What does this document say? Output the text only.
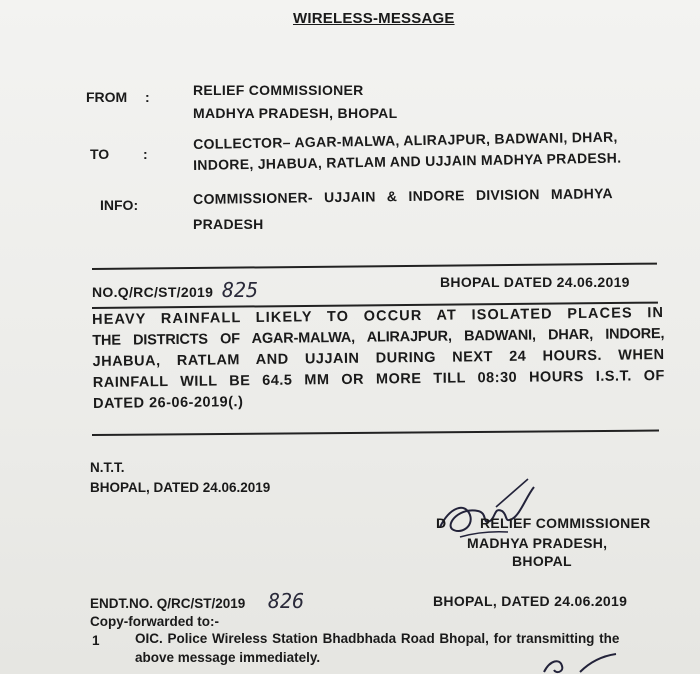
WIRELESS-MESSAGE
FROM :	RELIEF COMMISSIONER
MADHYA PRADESH, BHOPAL
TO :
COLLECTOR– AGAR-MALWA, ALIRAJPUR, BADWANI, DHAR,
INDORE, JHABUA, RATLAM AND UJJAIN MADHYA PRADESH.
INFO:	COMMISSIONER- UJJAIN & INDORE DIVISION MADHYA
PRADESH
NO.Q/RC/ST/2019 825	BHOPAL DATED 24.06.2019
HEAVY RAINFALL LIKELY TO OCCUR AT ISOLATED PLACES IN
THE DISTRICTS OF AGAR-MALWA, ALIRAJPUR, BADWANI, DHAR, INDORE,
JHABUA, RATLAM AND UJJAIN DURING NEXT 24 HOURS. WHEN
RAINFALL WILL BE 64.5 MM OR MORE TILL 08:30 HOURS I.S.T. OF
DATED 26-06-2019(.)
N.T.T.
BHOPAL, DATED 24.06.2019
D RELIEF COMMISSIONER
MADHYA PRADESH,
BHOPAL
ENDT.NO. Q/RC/ST/2019 826	BHOPAL, DATED 24.06.2019
Copy-forwarded to:-
1	OIC. Police Wireless Station Bhadbhada Road Bhopal, for transmitting the
above message immediately.
